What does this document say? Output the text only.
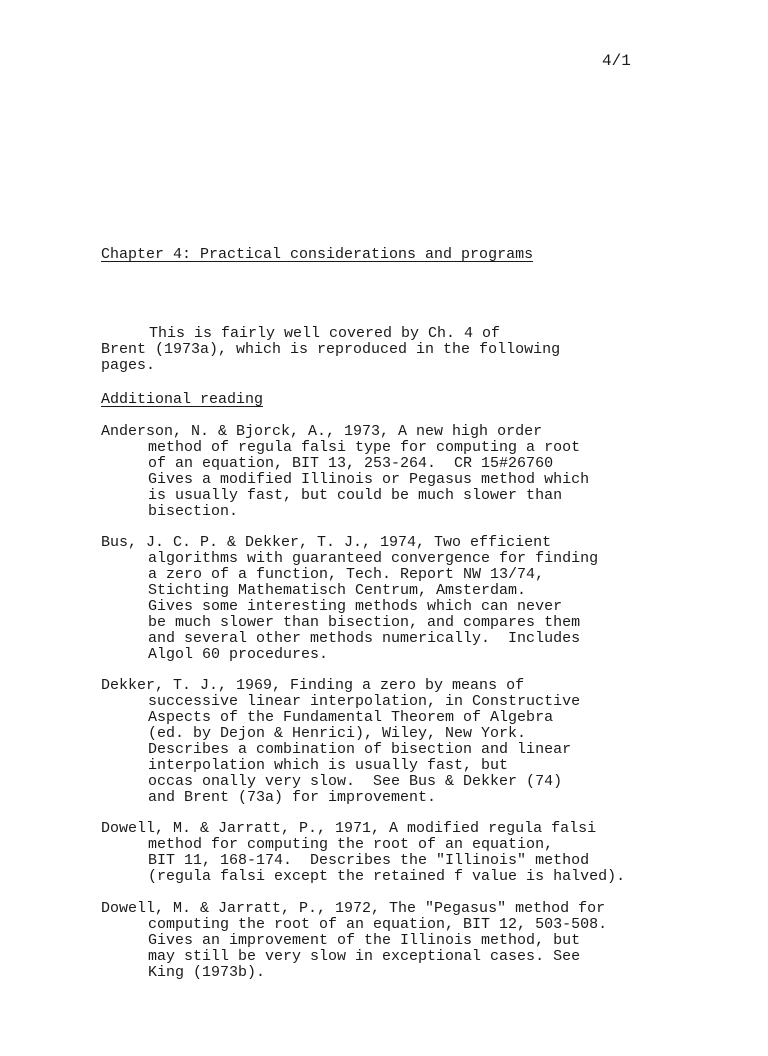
4/1
Chapter 4: Practical considerations and programs
This is fairly well covered by Ch. 4 of
Brent (1973a), which is reproduced in the following
pages.
Additional reading
Anderson, N. & Bjorck, A., 1973, A new high order
method of regula falsi type for computing a root
of an equation, BIT 13, 253-264.  CR 15#26760
Gives a modified Illinois or Pegasus method which
is usually fast, but could be much slower than
bisection.
Bus, J. C. P. & Dekker, T. J., 1974, Two efficient
algorithms with guaranteed convergence for finding
a zero of a function, Tech. Report NW 13/74,
Stichting Mathematisch Centrum, Amsterdam.
Gives some interesting methods which can never
be much slower than bisection, and compares them
and several other methods numerically.  Includes
Algol 60 procedures.
Dekker, T. J., 1969, Finding a zero by means of
successive linear interpolation, in Constructive
Aspects of the Fundamental Theorem of Algebra
(ed. by Dejon & Henrici), Wiley, New York.
Describes a combination of bisection and linear
interpolation which is usually fast, but
occas onally very slow.  See Bus & Dekker (74)
and Brent (73a) for improvement.
Dowell, M. & Jarratt, P., 1971, A modified regula falsi
method for computing the root of an equation,
BIT 11, 168-174.  Describes the "Illinois" method
(regula falsi except the retained f value is halved).
Dowell, M. & Jarratt, P., 1972, The "Pegasus" method for
computing the root of an equation, BIT 12, 503-508.
Gives an improvement of the Illinois method, but
may still be very slow in exceptional cases. See
King (1973b).
